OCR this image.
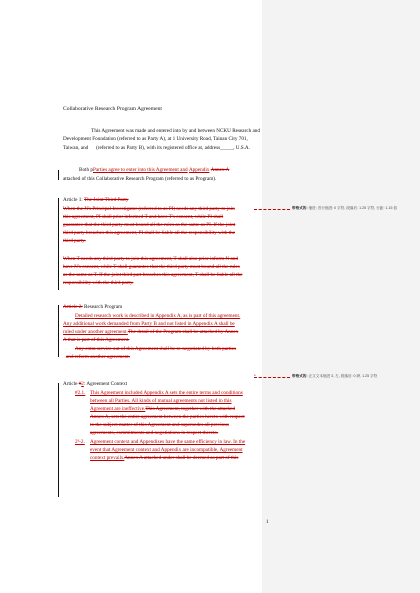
Collaborative Research Program Agreement
This Agreement was made and entered into by and between NCKU Research and
Development Foundation (referred to as Party A), at 1 University Road, Tainan City 701,
Taiwan, and (referred to as Party B), with its registered office at, address_____, U.S.A.
Both pParties agree to enter into this Agreement and Appendix Annex A
attached of this Collaborative Research Program (referred to as Program).
Article 1: The Joint Third Party
When the N's Principal Investigator (referred to as PI) needs any third party to join
this agreement, PI shall prior informed T and have T's consent, while PI shall
guarantee that the third party must bound all the rules as the same as PI. If the joint
third party breaches this agreement, PI shall be liable all the responsibility with the
third party.
When T needs any third party to join this agreement, T shall also prior inform N and
have N's consent, while T shall guarantee that the third party must bound all the rules
as the same as T. If the joint third part breaches this agreement, T shall be liable all the
responsibility with the third party.
带格式的: 缩进: 首行缩进: 0 字符, 段落后: 1.25 字符, 行距: 1.15 倍
Article 2: Research Program
Detailed research work is described in Appendix A, as is part of this agreement.
Any additional work demanded from Party B and not listed in Appendix A shall be
ruled under another agreement.The detail of the Program shall be attached by Annex
A that is part of this Agreement.
Any extra service out of this Agreement shall be re-negotiated by both parties
and reform another agreement.
•	带格式的: 正文文本缩进 3, 左, 段落后: 0 磅, 1.25 字符
Article #2: Agreement Context
#2.1. This Agreement included Appendix A sets the entire terms and conditions
between all Parties. All kinds of mutual agreements not listed in this
Agreement are ineffective.This Agreement, together with the attached
Annex A, sets the entire agreement between the parties hereto with respect
to the subject matter of this Agreement and supersedes all previous
agreements, commitments and negotiations in respect thereto.
2³-2. Agreement context and Appendixes have the same efficiency in law. In the
event that Agreement context and Appendix are incompatible, Agreement
context prevails.Annex A attached under shall be deemed as part of this
1
